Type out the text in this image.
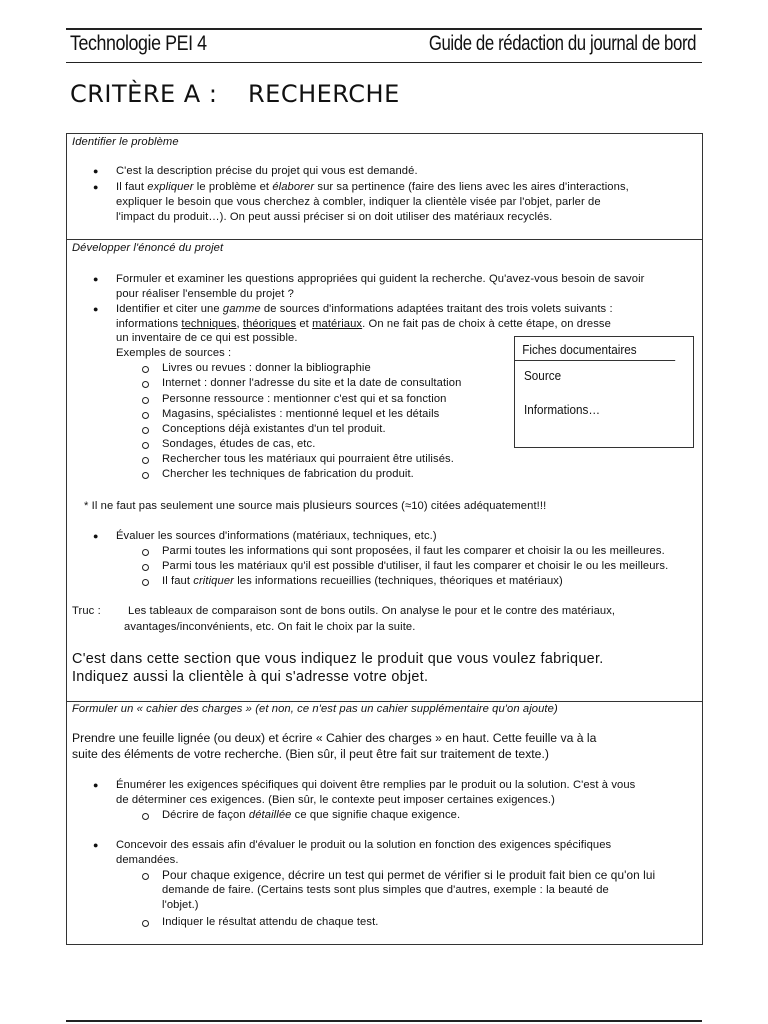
Technologie PEI 4	Guide de rédaction du journal de bord
CRITÈRE A : RECHERCHE
Identifier le problème
● C'est la description précise du projet qui vous est demandé.
● Il faut expliquer le problème et élaborer sur sa pertinence (faire des liens avec les aires d'interactions,
expliquer le besoin que vous cherchez à combler, indiquer la clientèle visée par l'objet, parler de
l'impact du produit…). On peut aussi préciser si on doit utiliser des matériaux recyclés.
Développer l'énoncé du projet
● Formuler et examiner les questions appropriées qui guident la recherche. Qu'avez-vous besoin de savoir
pour réaliser l'ensemble du projet ?
● Identifier et citer une gamme de sources d'informations adaptées traitant des trois volets suivants :
informations techniques, théoriques et matériaux. On ne fait pas de choix à cette étape, on dresse
un inventaire de ce qui est possible.
Exemples de sources :
Livres ou revues : donner la bibliographie
Internet : donner l'adresse du site et la date de consultation
Personne ressource : mentionner c'est qui et sa fonction
Magasins, spécialistes : mentionné lequel et les détails
Conceptions déjà existantes d'un tel produit.
Sondages, études de cas, etc.
Rechercher tous les matériaux qui pourraient être utilisés.
Chercher les techniques de fabrication du produit.
Fiches documentaires
Source
Informations…
* Il ne faut pas seulement une source mais plusieurs sources (≈10) citées adéquatement!!!
● Évaluer les sources d'informations (matériaux, techniques, etc.)
Parmi toutes les informations qui sont proposées, il faut les comparer et choisir la ou les meilleures.
Parmi tous les matériaux qu'il est possible d'utiliser, il faut les comparer et choisir le ou les meilleurs.
Il faut critiquer les informations recueillies (techniques, théoriques et matériaux)
Truc : Les tableaux de comparaison sont de bons outils. On analyse le pour et le contre des matériaux,
avantages/inconvénients, etc. On fait le choix par la suite.
C'est dans cette section que vous indiquez le produit que vous voulez fabriquer.
Indiquez aussi la clientèle à qui s'adresse votre objet.
Formuler un « cahier des charges » (et non, ce n'est pas un cahier supplémentaire qu'on ajoute)
Prendre une feuille lignée (ou deux) et écrire « Cahier des charges » en haut. Cette feuille va à la
suite des éléments de votre recherche. (Bien sûr, il peut être fait sur traitement de texte.)
● Énumérer les exigences spécifiques qui doivent être remplies par le produit ou la solution. C'est à vous
de déterminer ces exigences. (Bien sûr, le contexte peut imposer certaines exigences.)
Décrire de façon détaillée ce que signifie chaque exigence.
● Concevoir des essais afin d'évaluer le produit ou la solution en fonction des exigences spécifiques
demandées.
Pour chaque exigence, décrire un test qui permet de vérifier si le produit fait bien ce qu'on lui
demande de faire. (Certains tests sont plus simples que d'autres, exemple : la beauté de
l'objet.)
Indiquer le résultat attendu de chaque test.
